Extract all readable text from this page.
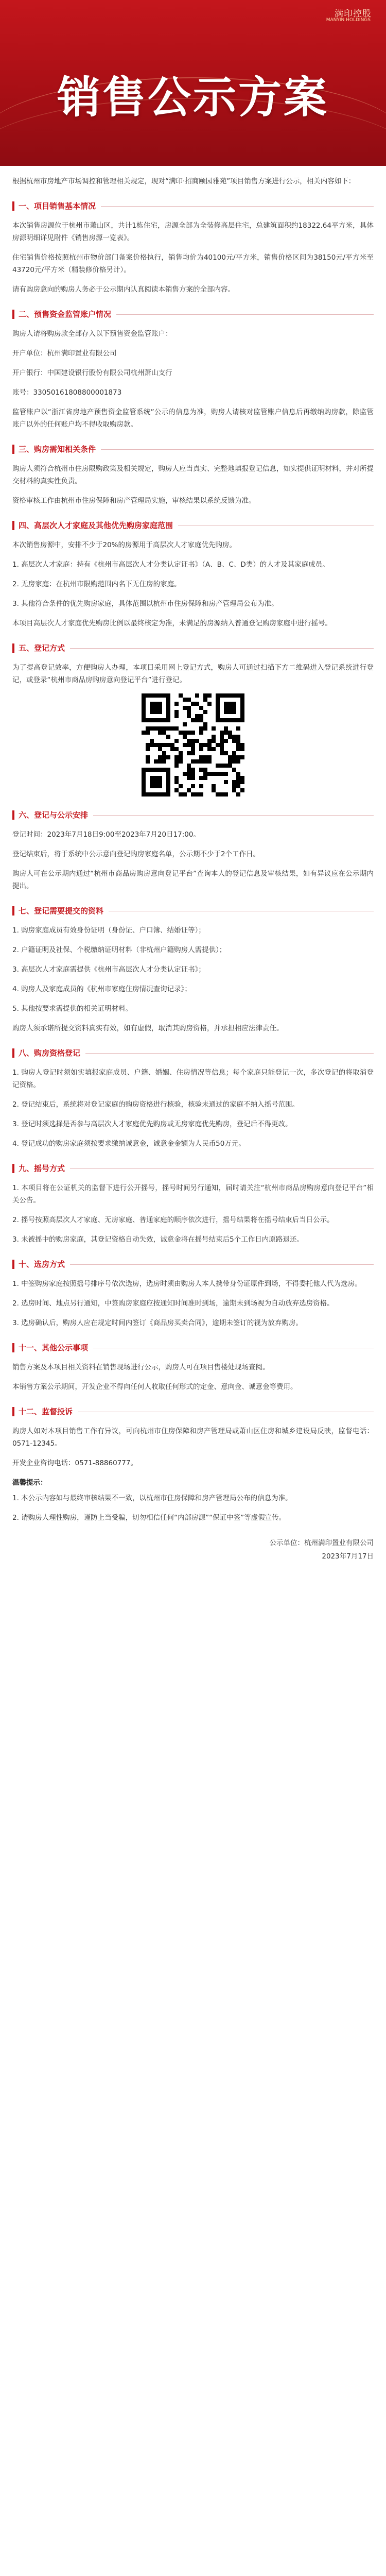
满印控股
MANYIN HOLDINGS
销售公示方案

根据杭州市房地产市场调控和管理相关规定，现对“满印·招商颐园雅苑”项目销售方案进行公示，相关内容如下：

一、项目销售基本情况

本次销售房源位于杭州市萧山区，共计1栋住宅，房源全部为全装修高层住宅，总建筑面积约18322.64平方米，具体房源明细详见附件《销售房源一览表》。

住宅销售价格按照杭州市物价部门备案价格执行，销售均价为40100元/平方米，销售价格区间为38150元/平方米至43720元/平方米（精装修价格另计）。

请有购房意向的购房人务必于公示期内认真阅读本销售方案的全部内容。

二、预售资金监管账户情况

购房人请将购房款全部存入以下预售资金监管账户：

开户单位：杭州满印置业有限公司

开户银行：中国建设银行股份有限公司杭州萧山支行

账号：33050161808800001873

监管账户以“浙江省房地产预售资金监管系统”公示的信息为准，购房人请核对监管账户信息后再缴纳购房款，除监管账户以外的任何账户均不得收取购房款。

三、购房需知相关条件

购房人须符合杭州市住房限购政策及相关规定，购房人应当真实、完整地填报登记信息，如实提供证明材料，并对所提交材料的真实性负责。

资格审核工作由杭州市住房保障和房产管理局实施，审核结果以系统反馈为准。

四、高层次人才家庭及其他优先购房家庭范围

本次销售房源中，安排不少于20%的房源用于高层次人才家庭优先购房。

1. 高层次人才家庭：持有《杭州市高层次人才分类认定证书》（A、B、C、D类）的人才及其家庭成员。

2. 无房家庭：在杭州市限购范围内名下无住房的家庭。

3. 其他符合条件的优先购房家庭，具体范围以杭州市住房保障和房产管理局公布为准。

本项目高层次人才家庭优先购房比例以最终核定为准，未满足的房源纳入普通登记购房家庭中进行摇号。

五、登记方式

为了提高登记效率，方便购房人办理，本项目采用网上登记方式，购房人可通过扫描下方二维码进入登记系统进行登记，或登录“杭州市商品房购房意向登记平台”进行登记。

六、登记与公示安排

登记时间：2023年7月18日9:00至2023年7月20日17:00。

登记结束后，将于系统中公示意向登记购房家庭名单，公示期不少于2个工作日。

购房人可在公示期内通过“杭州市商品房购房意向登记平台”查询本人的登记信息及审核结果，如有异议应在公示期内提出。

七、登记需要提交的资料

1. 购房家庭成员有效身份证明（身份证、户口簿、结婚证等）；

2. 户籍证明及社保、个税缴纳证明材料（非杭州户籍购房人需提供）；

3. 高层次人才家庭需提供《杭州市高层次人才分类认定证书》；

4. 购房人及家庭成员的《杭州市家庭住房情况查询记录》；

5. 其他按要求需提供的相关证明材料。

购房人须承诺所提交资料真实有效，如有虚假，取消其购房资格，并承担相应法律责任。

八、购房资格登记

1. 购房人登记时须如实填报家庭成员、户籍、婚姻、住房情况等信息；每个家庭只能登记一次，多次登记的将取消登记资格。

2. 登记结束后，系统将对登记家庭的购房资格进行核验，核验未通过的家庭不纳入摇号范围。

3. 登记时须选择是否参与高层次人才家庭优先购房或无房家庭优先购房，登记后不得更改。

4. 登记成功的购房家庭须按要求缴纳诚意金，诚意金金额为人民币50万元。

九、摇号方式

1. 本项目将在公证机关的监督下进行公开摇号，摇号时间另行通知，届时请关注“杭州市商品房购房意向登记平台”相关公告。

2. 摇号按照高层次人才家庭、无房家庭、普通家庭的顺序依次进行，摇号结果将在摇号结束后当日公示。

3. 未被摇中的购房家庭，其登记资格自动失效，诚意金将在摇号结束后5个工作日内原路退还。

十、选房方式

1. 中签购房家庭按照摇号排序号依次选房，选房时须由购房人本人携带身份证原件到场，不得委托他人代为选房。

2. 选房时间、地点另行通知，中签购房家庭应按通知时间准时到场，逾期未到场视为自动放弃选房资格。

3. 选房确认后，购房人应在规定时间内签订《商品房买卖合同》，逾期未签订的视为放弃购房。

十一、其他公示事项

销售方案及本项目相关资料在销售现场进行公示，购房人可在项目售楼处现场查阅。

本销售方案公示期间，开发企业不得向任何人收取任何形式的定金、意向金、诚意金等费用。

十二、监督投诉

购房人如对本项目销售工作有异议，可向杭州市住房保障和房产管理局或萧山区住房和城乡建设局反映，监督电话：0571-12345。

开发企业咨询电话：0571-88860777。

温馨提示：

1. 本公示内容如与最终审核结果不一致，以杭州市住房保障和房产管理局公布的信息为准。

2. 请购房人理性购房，谨防上当受骗，切勿相信任何“内部房源”“保证中签”等虚假宣传。

公示单位：杭州满印置业有限公司
2023年7月17日
